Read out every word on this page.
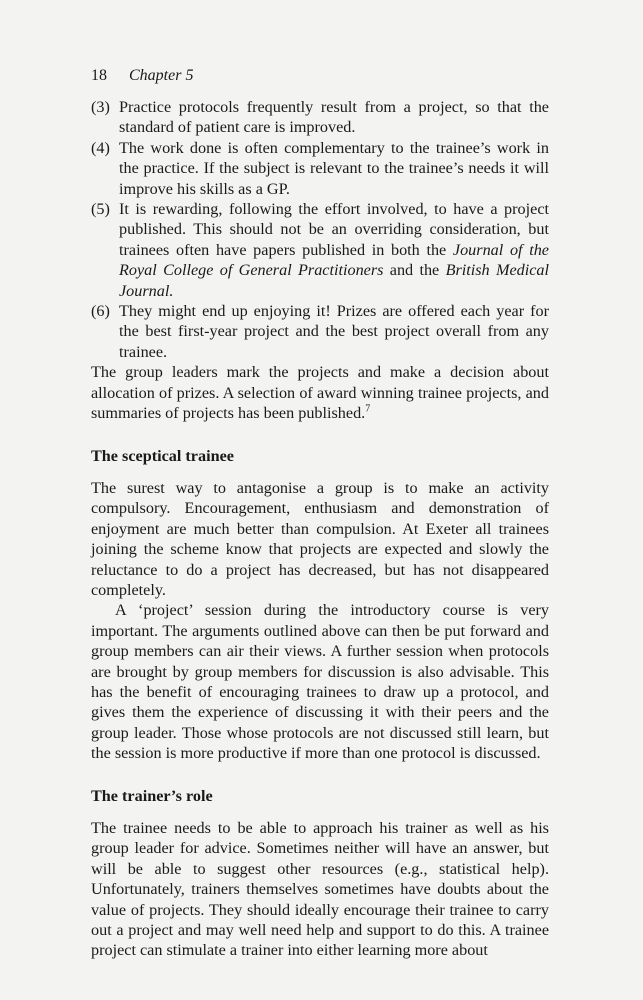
18 Chapter 5
(3) Practice protocols frequently result from a project, so that the standard of patient care is improved.
(4) The work done is often complementary to the trainee’s work in the practice. If the subject is relevant to the trainee’s needs it will improve his skills as a GP.
(5) It is rewarding, following the effort involved, to have a project published. This should not be an overriding consideration, but trainees often have papers published in both the Journal of the Royal College of General Practitioners and the British Medical Journal.
(6) They might end up enjoying it! Prizes are offered each year for the best first-year project and the best project overall from any trainee.

The group leaders mark the projects and make a decision about allocation of prizes. A selection of award winning trainee projects, and summaries of projects has been published.$^7$

The sceptical trainee

The surest way to antagonise a group is to make an activity compulsory. Encouragement, enthusiasm and demonstration of enjoyment are much better than compulsion. At Exeter all trainees joining the scheme know that projects are expected and slowly the reluctance to do a project has decreased, but has not disappeared completely.

A ‘project’ session during the introductory course is very important. The arguments outlined above can then be put forward and group members can air their views. A further session when protocols are brought by group members for discussion is also advisable. This has the benefit of encouraging trainees to draw up a protocol, and gives them the experience of discussing it with their peers and the group leader. Those whose protocols are not discussed still learn, but the session is more productive if more than one protocol is discussed.

The trainer’s role

The trainee needs to be able to approach his trainer as well as his group leader for advice. Sometimes neither will have an answer, but will be able to suggest other resources (e.g., statistical help). Unfortunately, trainers themselves sometimes have doubts about the value of projects. They should ideally encourage their trainee to carry out a project and may well need help and support to do this. A trainee project can stimulate a trainer into either learning more about
